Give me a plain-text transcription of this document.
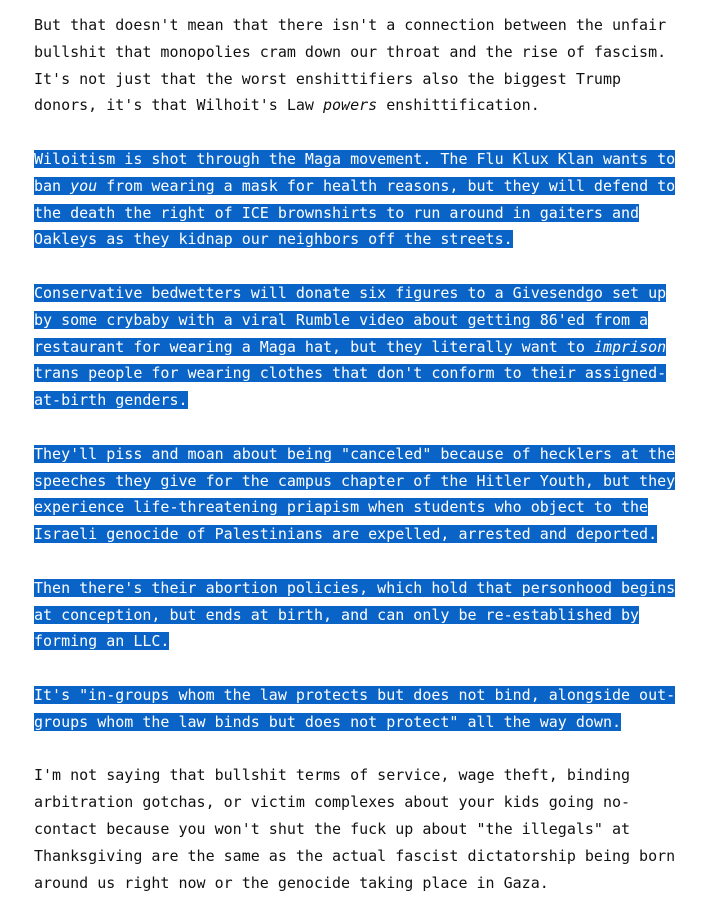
But that doesn't mean that there isn't a connection between the unfair
bullshit that monopolies cram down our throat and the rise of fascism.
It's not just that the worst enshittifiers also the biggest Trump
donors, it's that Wilhoit's Law powers enshittification.
Wiloitism is shot through the Maga movement. The Flu Klux Klan wants to
ban you from wearing a mask for health reasons, but they will defend to
the death the right of ICE brownshirts to run around in gaiters and
Oakleys as they kidnap our neighbors off the streets.
Conservative bedwetters will donate six figures to a Givesendgo set up
by some crybaby with a viral Rumble video about getting 86'ed from a
restaurant for wearing a Maga hat, but they literally want to imprison
trans people for wearing clothes that don't conform to their assigned-
at-birth genders.
They'll piss and moan about being "canceled" because of hecklers at the
speeches they give for the campus chapter of the Hitler Youth, but they
experience life-threatening priapism when students who object to the
Israeli genocide of Palestinians are expelled, arrested and deported.
Then there's their abortion policies, which hold that personhood begins
at conception, but ends at birth, and can only be re-established by
forming an LLC.
It's "in-groups whom the law protects but does not bind, alongside out-
groups whom the law binds but does not protect" all the way down.
I'm not saying that bullshit terms of service, wage theft, binding
arbitration gotchas, or victim complexes about your kids going no-
contact because you won't shut the fuck up about "the illegals" at
Thanksgiving are the same as the actual fascist dictatorship being born
around us right now or the genocide taking place in Gaza.
